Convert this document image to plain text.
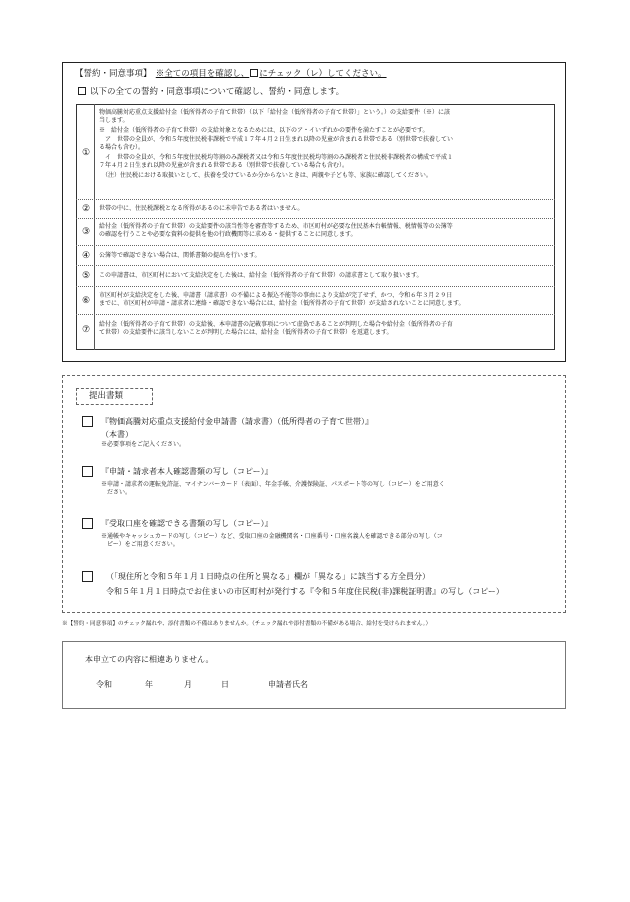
【誓約・同意事項】　 ※全ての項目を確認し、 にチェック（レ）してください。
以下の全ての誓約・同意事項について確認し、誓約・同意します。
①
物価高騰対応重点支援給付金（低所得者の子育て世帯）（以下「給付金（低所得者の子育て世帯）」という。）の支給要件（※）に該
当します。
※　給付金（低所得者の子育て世帯）の支給対象となるためには、以下のア・イいずれかの要件を満たすことが必要です。
　ア　世帯の全員が、令和５年度住民税非課税で平成１７年４月２日生まれ以降の児童が含まれる世帯である（別世帯で扶養してい
る場合も含む）。
　イ　世帯の全員が、令和５年度住民税均等割のみ課税者又は令和５年度住民税均等割のみ課税者と住民税非課税者の構成で平成１
７年４月２日生まれ以降の児童が含まれる世帯である（別世帯で扶養している場合も含む）。
　（注）住民税における取扱いとして、扶養を受けているか分からないときは、両親や子ども等、家族に確認してください。
②	世帯の中に、住民税課税となる所得があるのに未申告である者はいません。
③
給付金（低所得者の子育て世帯）の支給要件の該当性等を審査等するため、市区町村が必要な住民基本台帳情報、税情報等の公簿等
の確認を行うことや必要な資料の提供を他の行政機関等に求める・提供することに同意します。
④	公簿等で確認できない場合は、関係書類の提出を行います。
⑤	この申請書は、市区町村において支給決定をした後は、給付金（低所得者の子育て世帯）の請求書として取り扱います。
⑥
市区町村が支給決定をした後、申請書（請求書）の不備による振込不能等の事由により支給が完了せず、かつ、令和６年３月２９日
までに、市区町村が申請・請求者に連絡・確認できない場合には、給付金（低所得者の子育て世帯）が支給されないことに同意します。
⑦
給付金（低所得者の子育て世帯）の支給後、本申請書の記載事項について虚偽であることが判明した場合や給付金（低所得者の子育
て世帯）の支給要件に該当しないことが判明した場合には、給付金（低所得者の子育て世帯）を返還します。
提出書類
『物価高騰対応重点支援給付金申請書（請求書）（低所得者の子育て世帯）』
（本書）
※必要事項をご記入ください。
『申請・請求者本人確認書類の写し（コピー）』
※申請・請求者の運転免許証、マイナンバーカード（表面）、年金手帳、介護保険証、パスポート等の写し（コピー）をご用意く
　ださい。
『受取口座を確認できる書類の写し（コピー）』
※通帳やキャッシュカードの写し（コピー）など、受取口座の金融機関名・口座番号・口座名義人を確認できる部分の写し（コ
　ピー）をご用意ください。
（「現住所と令和５年１月１日時点の住所と異なる」欄が「異なる」に該当する方全員分）
令和５年１月１日時点でお住まいの市区町村が発行する『令和５年度住民税(非)課税証明書』の写し（コピー）
※【誓約・同意事項】のチェック漏れや、添付書類の不備はありませんか。（チェック漏れや添付書類の不備がある場合、給付を受けられません。）
本申立ての内容に相違ありません。
令和	年	月	日	申請者氏名
